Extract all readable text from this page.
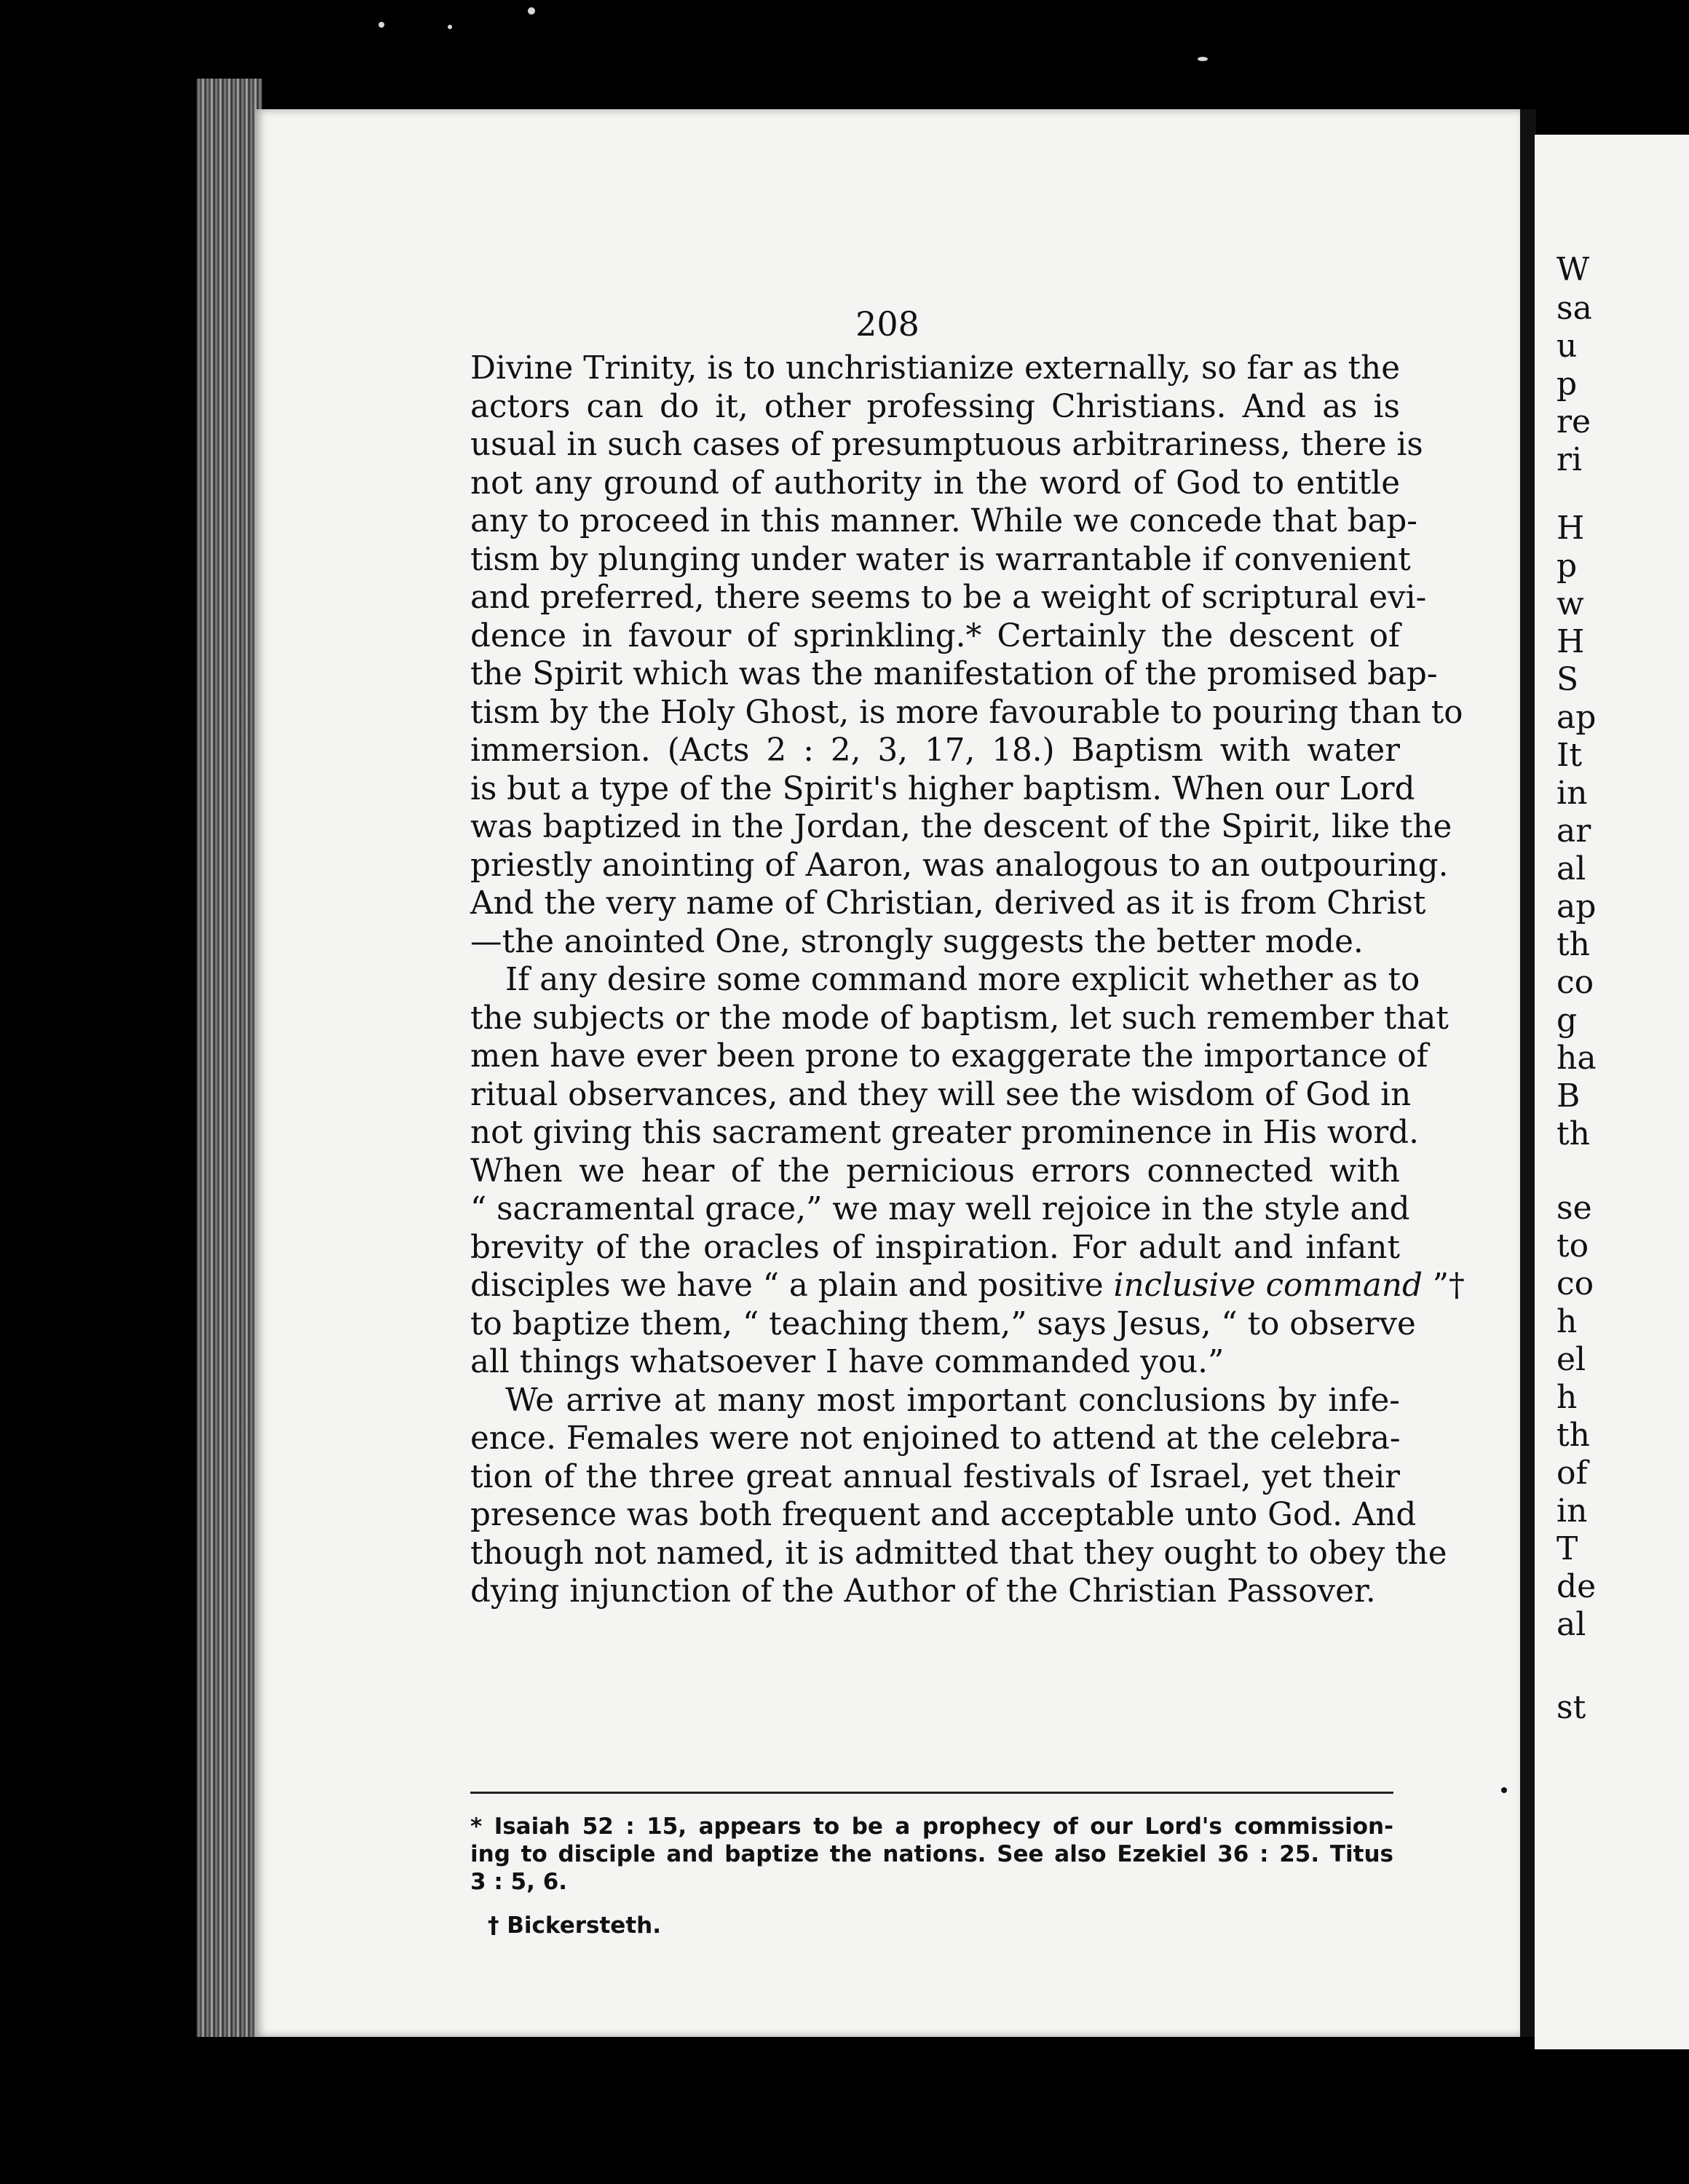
208
Divine Trinity, is to unchristianize externally, so far as the
actors can do it, other professing Christians. And as is
usual in such cases of presumptuous arbitrariness, there is
not any ground of authority in the word of God to entitle
any to proceed in this manner. While we concede that bap-
tism by plunging under water is warrantable if convenient
and preferred, there seems to be a weight of scriptural evi-
dence in favour of sprinkling.* Certainly the descent of
the Spirit which was the manifestation of the promised bap-
tism by the Holy Ghost, is more favourable to pouring than to
immersion. (Acts 2 : 2, 3, 17, 18.) Baptism with water
is but a type of the Spirit's higher baptism. When our Lord
was baptized in the Jordan, the descent of the Spirit, like the
priestly anointing of Aaron, was analogous to an outpouring.
And the very name of Christian, derived as it is from Christ
—the anointed One, strongly suggests the better mode.
If any desire some command more explicit whether as to
the subjects or the mode of baptism, let such remember that
men have ever been prone to exaggerate the importance of
ritual observances, and they will see the wisdom of God in
not giving this sacrament greater prominence in His word.
When we hear of the pernicious errors connected with
“ sacramental grace,” we may well rejoice in the style and
brevity of the oracles of inspiration. For adult and infant
disciples we have “ a plain and positive inclusive command ”†
to baptize them, “ teaching them,” says Jesus, “ to observe
all things whatsoever I have commanded you.”
We arrive at many most important conclusions by infe-
ence. Females were not enjoined to attend at the celebra-
tion of the three great annual festivals of Israel, yet their
presence was both frequent and acceptable unto God. And
though not named, it is admitted that they ought to obey the
dying injunction of the Author of the Christian Passover.
* Isaiah 52 : 15, appears to be a prophecy of our Lord's commission-
ing to disciple and baptize the nations. See also Ezekiel 36 : 25. Titus
3 : 5, 6.
† Bickersteth.
W
sa
u
p
re
ri
H
p
w
H
S
ap
It
in
ar
al
ap
th
co
g
ha
B
th
se
to
co
h
el
h
th
of
in
T
de
al
st
